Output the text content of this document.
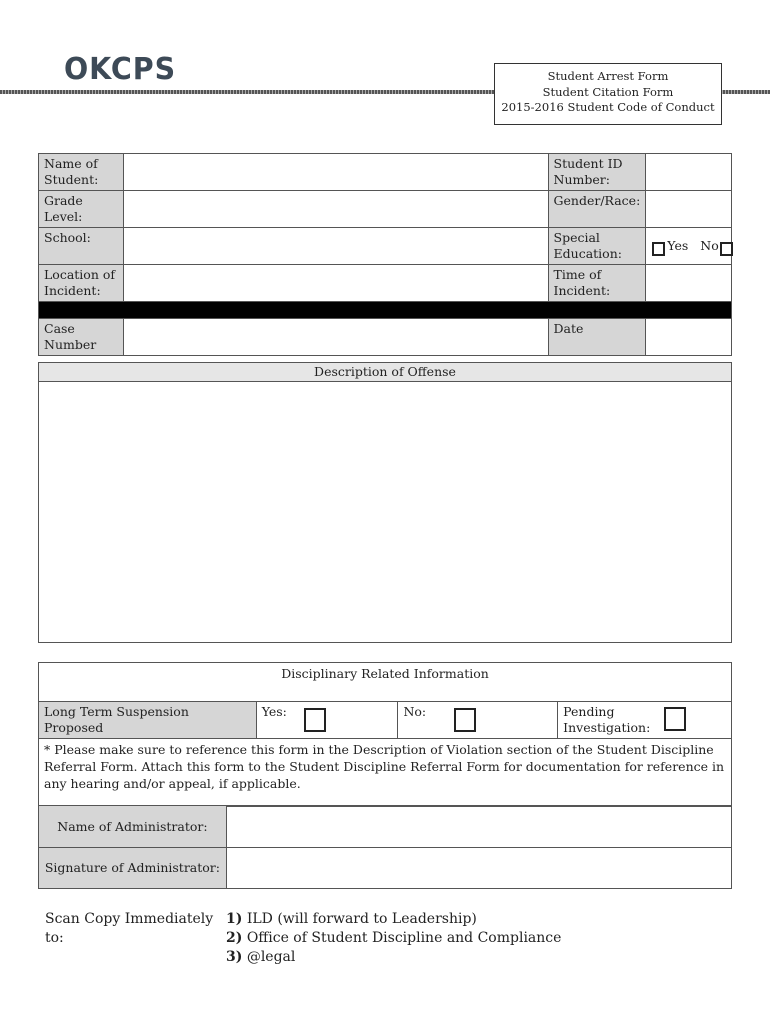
OKCPS	Student Arrest Form
Student Citation Form
2015-2016 Student Code of Conduct
Name of Student:		Student ID Number:	
Grade Level:		Gender/Race:	
School:		Special Education:	Yes No

Location of Incident:		Time of Incident:	

Case Number		Date	
Description of Offense

Disciplinary Related Information
Long Term Suspension Proposed	Yes:	No:	Pending Investigation:

* Please make sure to reference this form in the Description of Violation section of the Student Discipline Referral Form. Attach this form to the Student Discipline Referral Form for documentation for reference in any hearing and/or appeal, if applicable.
Name of Administrator:	
Signature of Administrator:	
Scan Copy Immediately to:
1) ILD (will forward to Leadership)
2) Office of Student Discipline and Compliance
3) @legal
